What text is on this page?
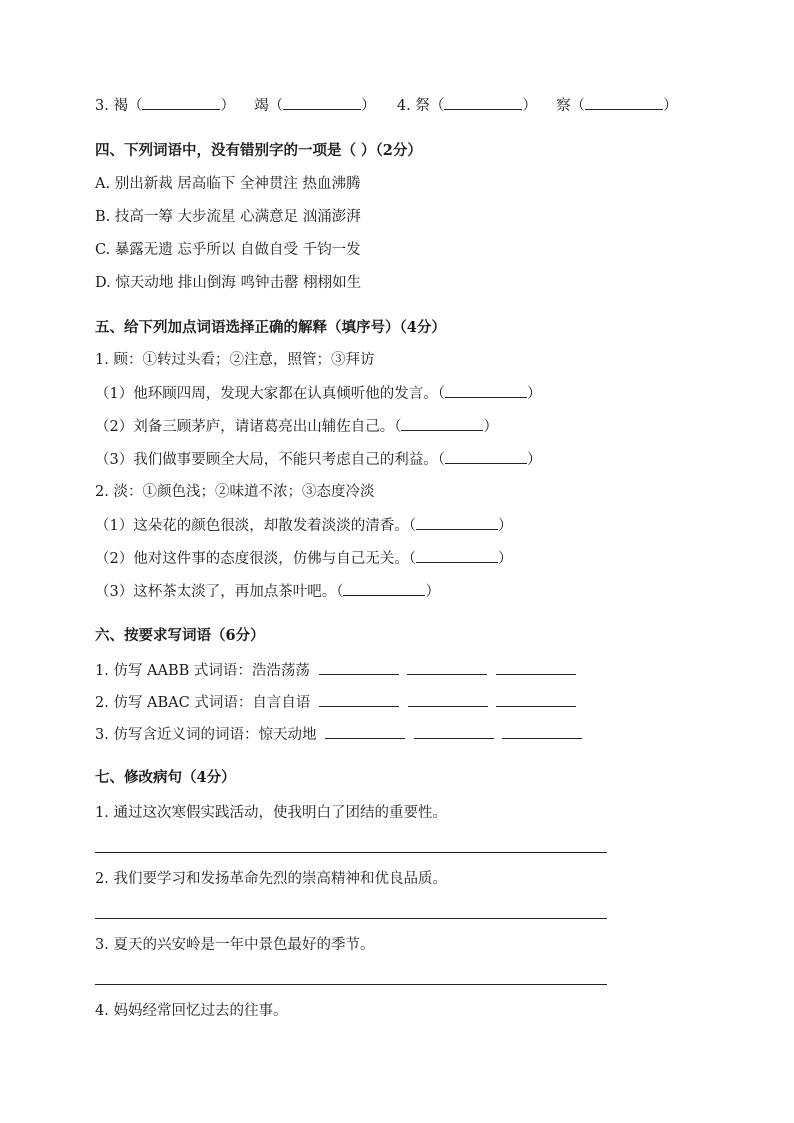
3. 褐（	） 竭（	） 4. 祭（	） 察（	）
四、下列词语中，没有错别字的一项是（ ）（2分）
A. 别出新裁 居高临下 全神贯注 热血沸腾
B. 技高一筹 大步流星 心满意足 汹涌澎湃
C. 暴露无遗 忘乎所以 自做自受 千钧一发
D. 惊天动地 排山倒海 鸣钟击罄 栩栩如生
五、给下列加点词语选择正确的解释（填序号）（4分）
1. 顾：①转过头看；②注意，照管；③拜访
（1）他环顾四周，发现大家都在认真倾听他的发言。（	）
（2）刘备三顾茅庐，请诸葛亮出山辅佐自己。（	）
（3）我们做事要顾全大局，不能只考虑自己的利益。（	）
2. 淡：①颜色浅；②味道不浓；③态度冷淡
（1）这朵花的颜色很淡，却散发着淡淡的清香。（	）
（2）他对这件事的态度很淡，仿佛与自己无关。（	）
（3）这杯茶太淡了，再加点茶叶吧。（	）
六、按要求写词语（6分）
1. 仿写 AABB 式词语：浩浩荡荡
2. 仿写 ABAC 式词语：自言自语
3. 仿写含近义词的词语：惊天动地
七、修改病句（4分）
1. 通过这次寒假实践活动，使我明白了团结的重要性。
2. 我们要学习和发扬革命先烈的崇高精神和优良品质。
3. 夏天的兴安岭是一年中景色最好的季节。
4. 妈妈经常回忆过去的往事。
